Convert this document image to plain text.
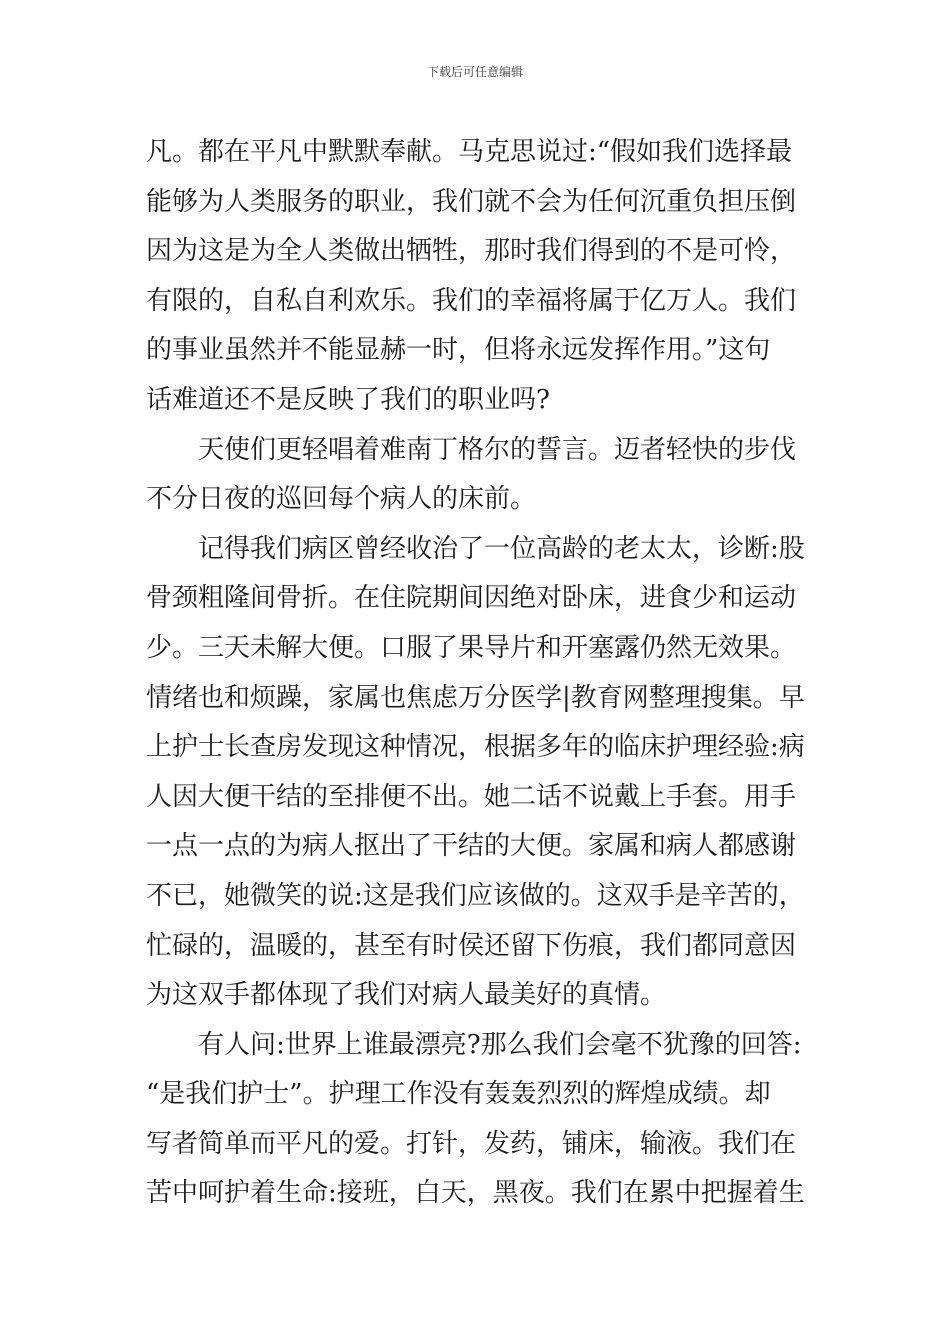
下载后可任意编辑
凡。都在平凡中默默奉献。马克思说过:“假如我们选择最
能够为人类服务的职业，我们就不会为任何沉重负担压倒
因为这是为全人类做出牺牲，那时我们得到的不是可怜，
有限的，自私自利欢乐。我们的幸福将属于亿万人。我们
的事业虽然并不能显赫一时，但将永远发挥作用。”这句
话难道还不是反映了我们的职业吗?
天使们更轻唱着难南丁格尔的誓言。迈者轻快的步伐
不分日夜的巡回每个病人的床前。
记得我们病区曾经收治了一位高龄的老太太，诊断:股
骨颈粗隆间骨折。在住院期间因绝对卧床，进食少和运动
少。三天未解大便。口服了果导片和开塞露仍然无效果。
情绪也和烦躁，家属也焦虑万分医学|教育网整理搜集。早
上护士长查房发现这种情况，根据多年的临床护理经验:病
人因大便干结的至排便不出。她二话不说戴上手套。用手
一点一点的为病人抠出了干结的大便。家属和病人都感谢
不已，她微笑的说:这是我们应该做的。这双手是辛苦的，
忙碌的，温暖的，甚至有时侯还留下伤痕，我们都同意因
为这双手都体现了我们对病人最美好的真情。
有人问:世界上谁最漂亮?那么我们会毫不犹豫的回答:
“是我们护士”。护理工作没有轰轰烈烈的辉煌成绩。却
写者简单而平凡的爱。打针，发药，铺床，输液。我们在
苦中呵护着生命:接班，白天，黑夜。我们在累中把握着生
